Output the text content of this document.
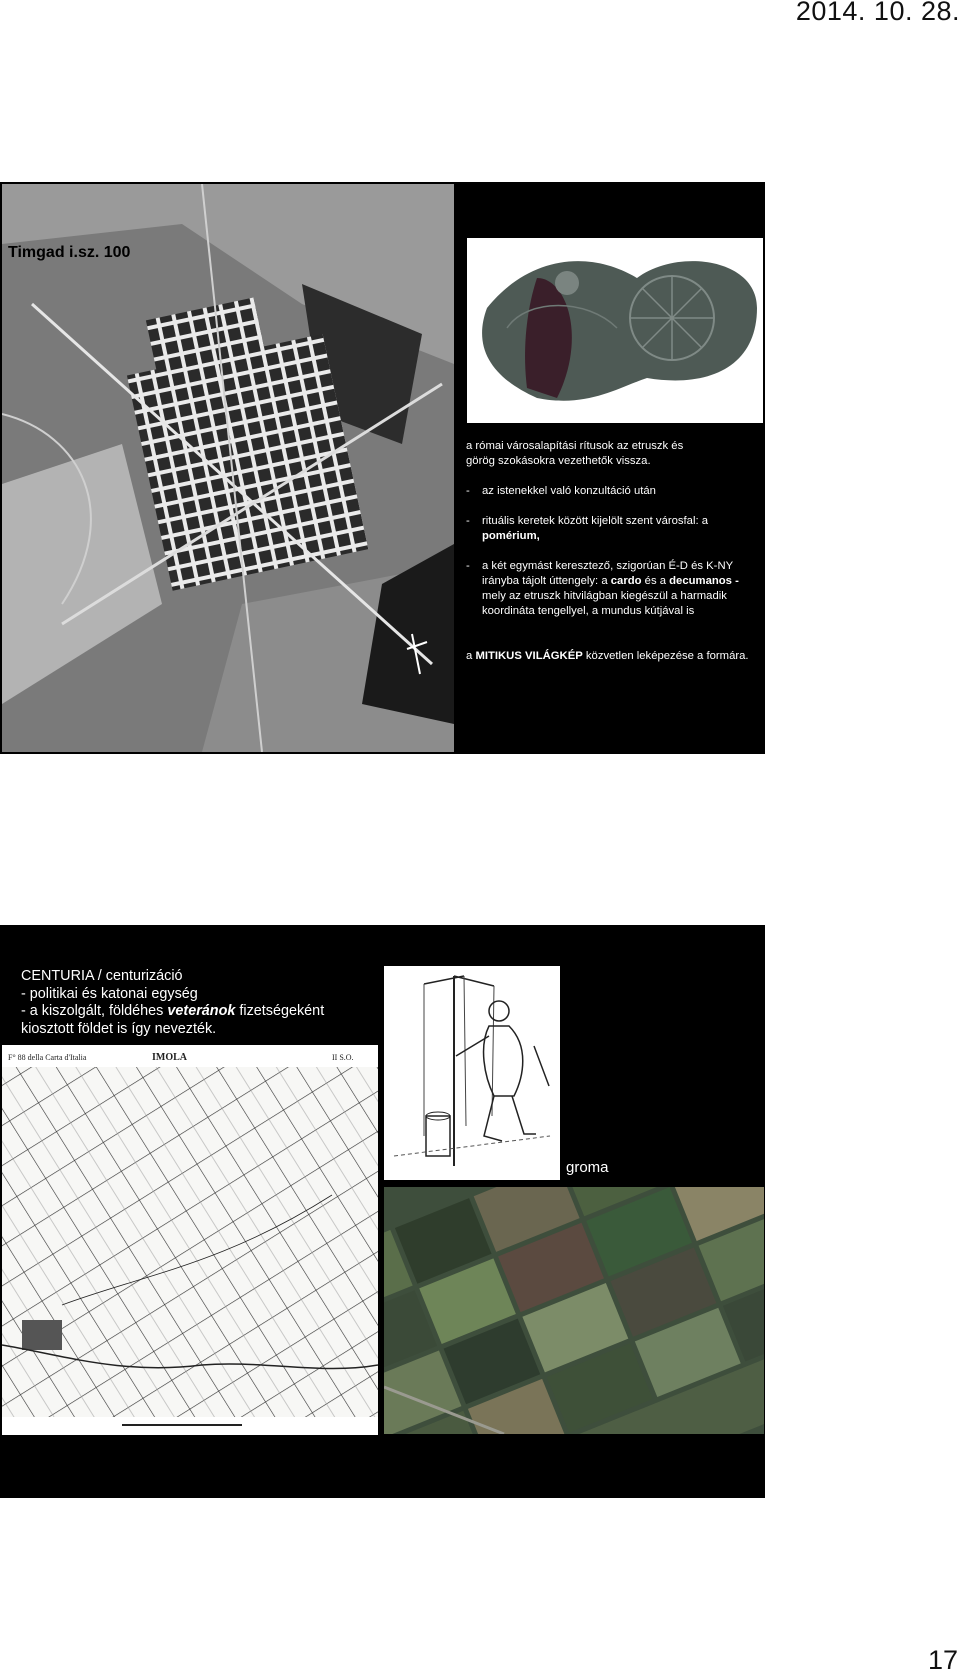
2014. 10. 28.
Timgad i.sz. 100

a római városalapítási rítusok az etruszk és

görög szokásokra vezethetők vissza.

-	az istenekkel való konzultáció után
-	rituális keretek között kijelölt szent városfal: a
pomérium,
-	a két egymást keresztező, szigorúan É-D és K-NY irányba tájolt úttengely: a cardo és a decumanos - mely az etruszk hitvilágban kiegészül a harmadik koordináta tengellyel, a mundus kútjával is

a MITIKUS VILÁGKÉP közvetlen leképezése a formára.

CENTURIA / centurizáció

- politikai és katonai egység

- a kiszolgált, földéhes veteránok fizetségeként

kiosztott földet is így nevezték.

F° 88 della Carta d'Italia	IMOLA	II S.O.
groma
17
